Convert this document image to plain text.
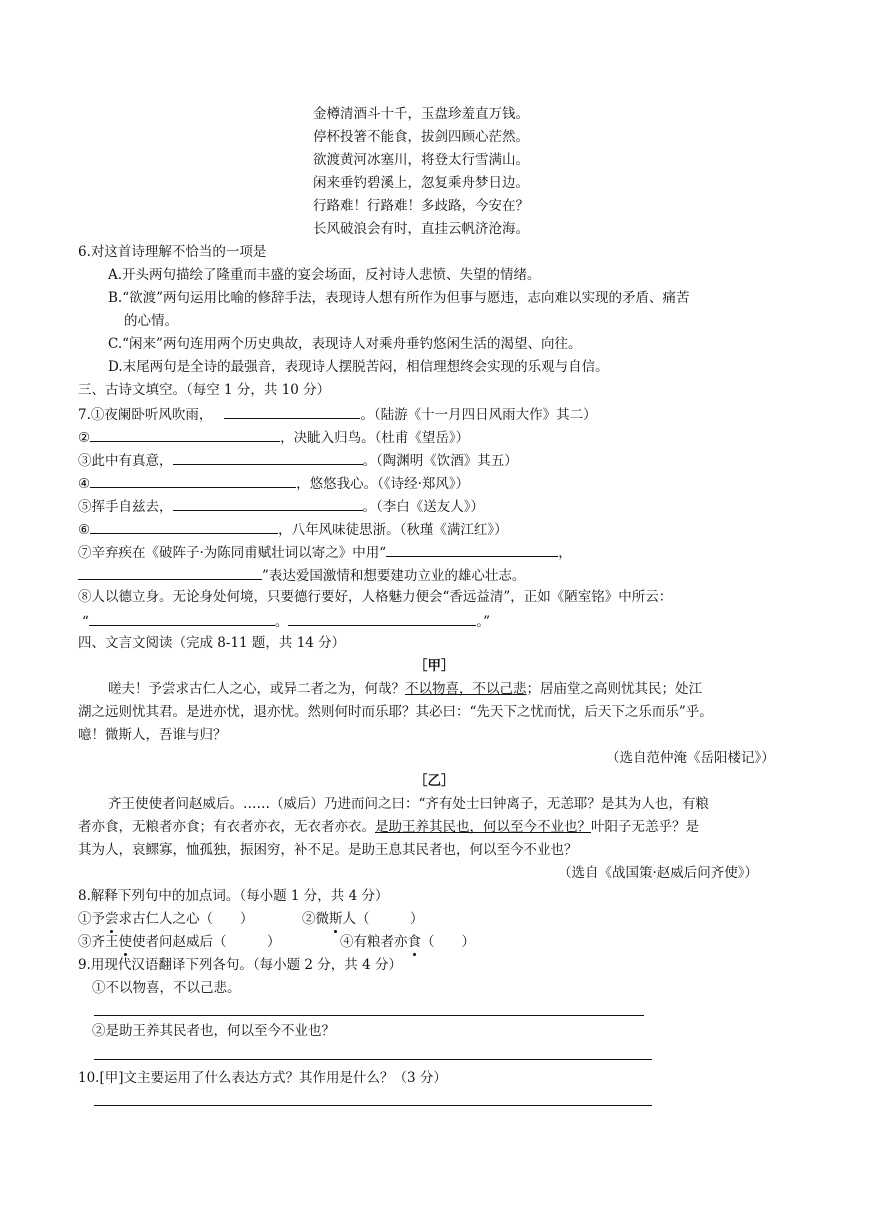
金樽清酒斗十千，玉盘珍羞直万钱。
停杯投箸不能食，拔剑四顾心茫然。
欲渡黄河冰塞川，将登太行雪满山。
闲来垂钓碧溪上，忽复乘舟梦日边。
行路难！行路难！多歧路，今安在？
长风破浪会有时，直挂云帆济沧海。
6.对这首诗理解不恰当的一项是
A.开头两句描绘了隆重而丰盛的宴会场面，反衬诗人悲愤、失望的情绪。
B.“欲渡”两句运用比喻的修辞手法，表现诗人想有所作为但事与愿违，志向难以实现的矛盾、痛苦
的心情。
C.“闲来”两句连用两个历史典故，表现诗人对乘舟垂钓悠闲生活的渴望、向往。
D.末尾两句是全诗的最强音，表现诗人摆脱苦闷，相信理想终会实现的乐观与自信。
三、古诗文填空。（每空 1 分，共 10 分）
7.①夜阑卧听风吹雨，	。（陆游《十一月四日风雨大作》其二）
②	，决眦入归鸟。（杜甫《望岳》）
③此中有真意，	。（陶渊明《饮酒》其五）
④	，悠悠我心。（《诗经·郑风》）
⑤挥手自兹去，	。（李白《送友人》）
⑥	，八年风味徒思浙。（秋瑾《满江红》）
⑦辛弃疾在《破阵子·为陈同甫赋壮词以寄之》中用“	，
”表达爱国激情和想要建功立业的雄心壮志。
⑧人以德立身。无论身处何境，只要德行要好，人格魅力便会“香远益清”，正如《陋室铭》中所云：
“	。	。”
四、文言文阅读（完成 8-11 题，共 14 分）
［甲］
嗟夫！予尝求古仁人之心，或异二者之为，何哉？不以物喜，不以己悲；居庙堂之高则忧其民；处江
湖之远则忧其君。是进亦忧，退亦忧。然则何时而乐耶？其必曰：“先天下之忧而忧，后天下之乐而乐”乎。
噫！微斯人，吾谁与归？
（选自范仲淹《岳阳楼记》）
［乙］
齐王使使者问赵威后。……（威后）乃进而问之曰：“齐有处士曰钟离子，无恙耶？是其为人也，有粮
者亦食，无粮者亦食；有衣者亦衣，无衣者亦衣。是助王养其民也，何以至今不业也？叶阳子无恙乎？是
其为人，哀鳏寡，恤孤独，振困穷，补不足。是助王息其民者也，何以至今不业也？
（选自《战国策·赵威后问齐使》）
8.解释下列句中的加点词。（每小题 1 分，共 4 分）
①予尝求古仁人之心（　　）	②微斯人（　　　）
③齐王使使者问赵威后（　　　）	④有粮者亦食（　　）
9.用现代汉语翻译下列各句。（每小题 2 分，共 4 分）
①不以物喜，不以己悲。
②是助王养其民者也，何以至今不业也？
10.[甲]文主要运用了什么表达方式？其作用是什么？（3 分）
